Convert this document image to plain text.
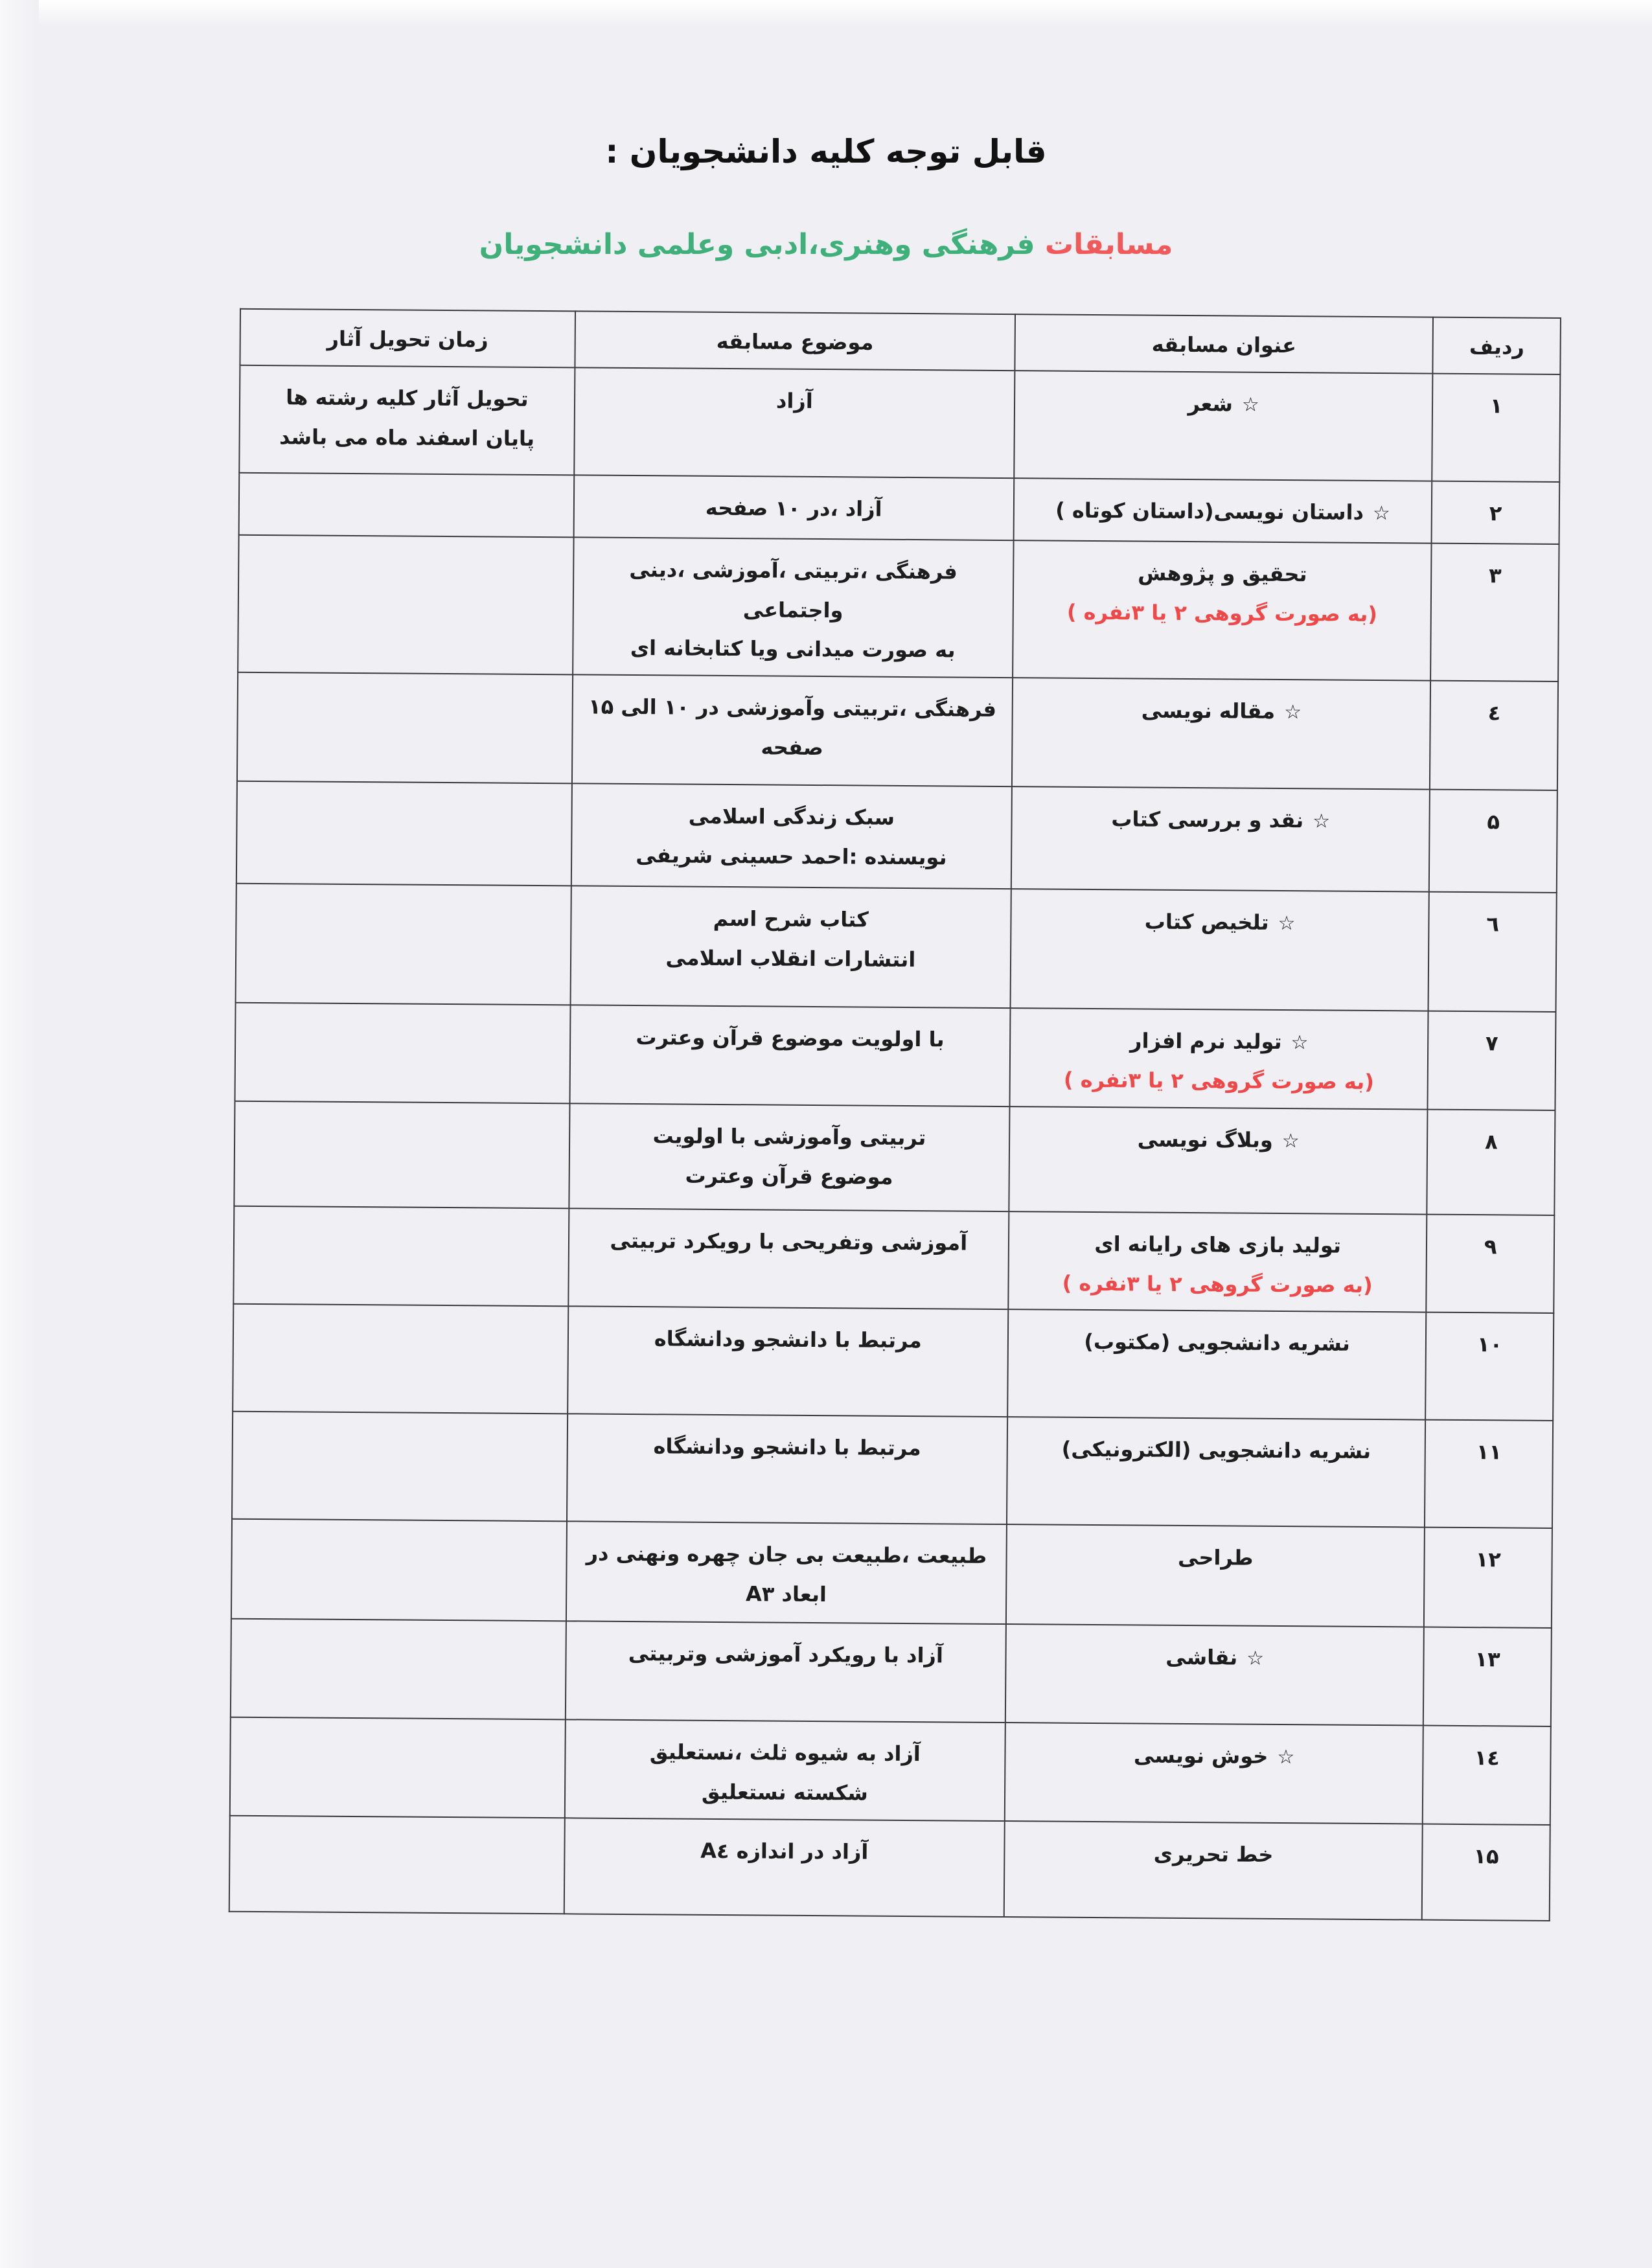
قابل توجه کلیه دانشجویان :
مسابقات فرهنگی وهنری،ادبی وعلمی دانشجویان
ردیف	عنوان مسابقه	موضوع مسابقه	زمان تحویل آثار
۱	☆شعر	آزاد	تحویل آثار کلیه رشته ها
پایان اسفند ماه می باشد

۲	☆داستان نویسی(داستان کوتاه )	آزاد ،در ۱۰ صفحه	

۳	تحقیق و پژوهش
(به صورت گروهی ۲ یا ۳نفره )	فرهنگی ،تربیتی ،آموزشی ،دینی واجتماعی
به صورت میدانی ویا کتابخانه ای	

٤	☆مقاله نویسی	فرهنگی ،تربیتی وآموزشی در ۱۰ الی ۱۵
صفحه	

۵	☆نقد و بررسی کتاب	سبک زندگی اسلامی
نویسنده :احمد حسینی شریفی	

٦	☆تلخیص کتاب	کتاب شرح اسم
انتشارات انقلاب اسلامی	

۷	☆تولید نرم افزار
(به صورت گروهی ۲ یا ۳نفره )	با اولویت موضوع قرآن وعترت	

۸	☆وبلاگ نویسی	تربیتی وآموزشی با اولویت
موضوع قرآن وعترت	

۹	تولید بازی های رایانه ای
(به صورت گروهی ۲ یا ۳نفره )	آموزشی وتفریحی با رویکرد تربیتی	

۱۰	نشریه دانشجویی (مکتوب)	مرتبط با دانشجو ودانشگاه	

۱۱	نشریه دانشجویی (الکترونیکی)	مرتبط با دانشجو ودانشگاه	

۱۲	طراحی	طبیعت ،طبیعت بی جان چهره ونهنی در
ابعاد A۳	

۱۳	☆نقاشی	آزاد با رویکرد آموزشی وتربیتی	

۱٤	☆خوش نویسی	آزاد به شیوه ثلث ،نستعلیق
شکسته نستعلیق	

۱۵	خط تحریری	آزاد در اندازه A٤	
